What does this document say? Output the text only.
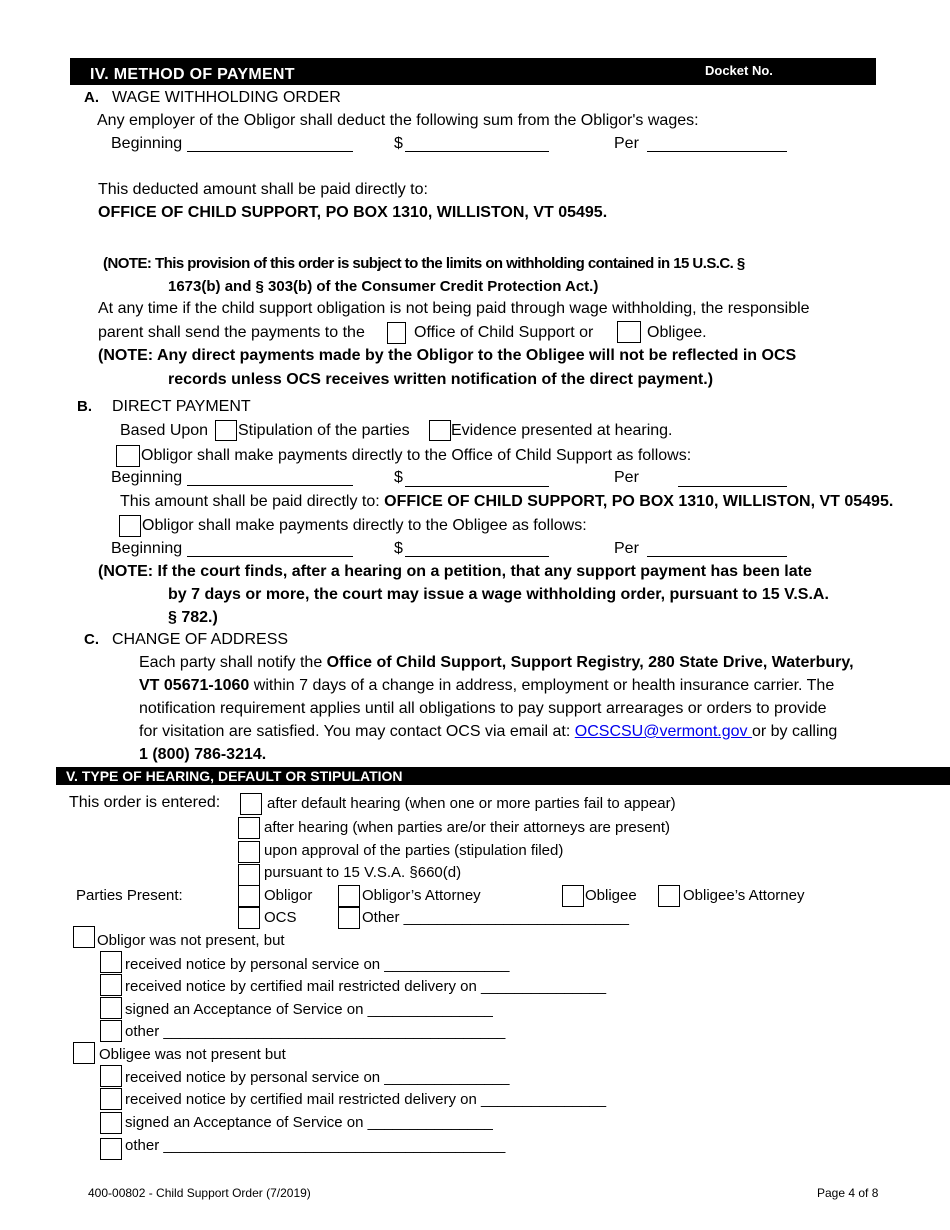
IV. METHOD OF PAYMENT	Docket No.
A. WAGE WITHHOLDING ORDER
Any employer of the Obligor shall deduct the following sum from the Obligor's wages:
Beginning	$	Per
This deducted amount shall be paid directly to:
OFFICE OF CHILD SUPPORT, PO BOX 1310, WILLISTON, VT 05495.
(NOTE: This provision of this order is subject to the limits on withholding contained in 15 U.S.C. §
1673(b) and § 303(b) of the Consumer Credit Protection Act.)
At any time if the child support obligation is not being paid through wage withholding, the responsible
parent shall send the payments to the	Office of Child Support or	Obligee.
(NOTE: Any direct payments made by the Obligor to the Obligee will not be reflected in OCS
records unless OCS receives written notification of the direct payment.)
B. DIRECT PAYMENT
Based Upon Stipulation of the parties	Evidence presented at hearing.
Obligor shall make payments directly to the Office of Child Support as follows:
Beginning	$	Per
This amount shall be paid directly to: OFFICE OF CHILD SUPPORT, PO BOX 1310, WILLISTON, VT 05495.
Obligor shall make payments directly to the Obligee as follows:
Beginning	$	Per
(NOTE: If the court finds, after a hearing on a petition, that any support payment has been late
by 7 days or more, the court may issue a wage withholding order, pursuant to 15 V.S.A.
§ 782.)
C. CHANGE OF ADDRESS
Each party shall notify the Office of Child Support, Support Registry, 280 State Drive, Waterbury,
VT 05671-1060 within 7 days of a change in address, employment or health insurance carrier. The
notification requirement applies until all obligations to pay support arrearages or orders to provide
for visitation are satisfied. You may contact OCS via email at: OCSCSU@vermont.gov or by calling
1 (800) 786-3214.
V. TYPE OF HEARING, DEFAULT OR STIPULATION
This order is entered:	after default hearing (when one or more parties fail to appear)
after hearing (when parties are/or their attorneys are present)
upon approval of the parties (stipulation filed)
pursuant to 15 V.S.A. §660(d)
Parties Present:	Obligor	Obligor’s Attorney	Obligee	Obligee’s Attorney
OCS	Other ___________________________
Obligor was not present, but
received notice by personal service on _______________
received notice by certified mail restricted delivery on _______________
signed an Acceptance of Service on _______________
other _________________________________________
Obligee was not present but
received notice by personal service on _______________
received notice by certified mail restricted delivery on _______________
signed an Acceptance of Service on _______________
other _________________________________________
400-00802 - Child Support Order (7/2019)	Page 4 of 8
